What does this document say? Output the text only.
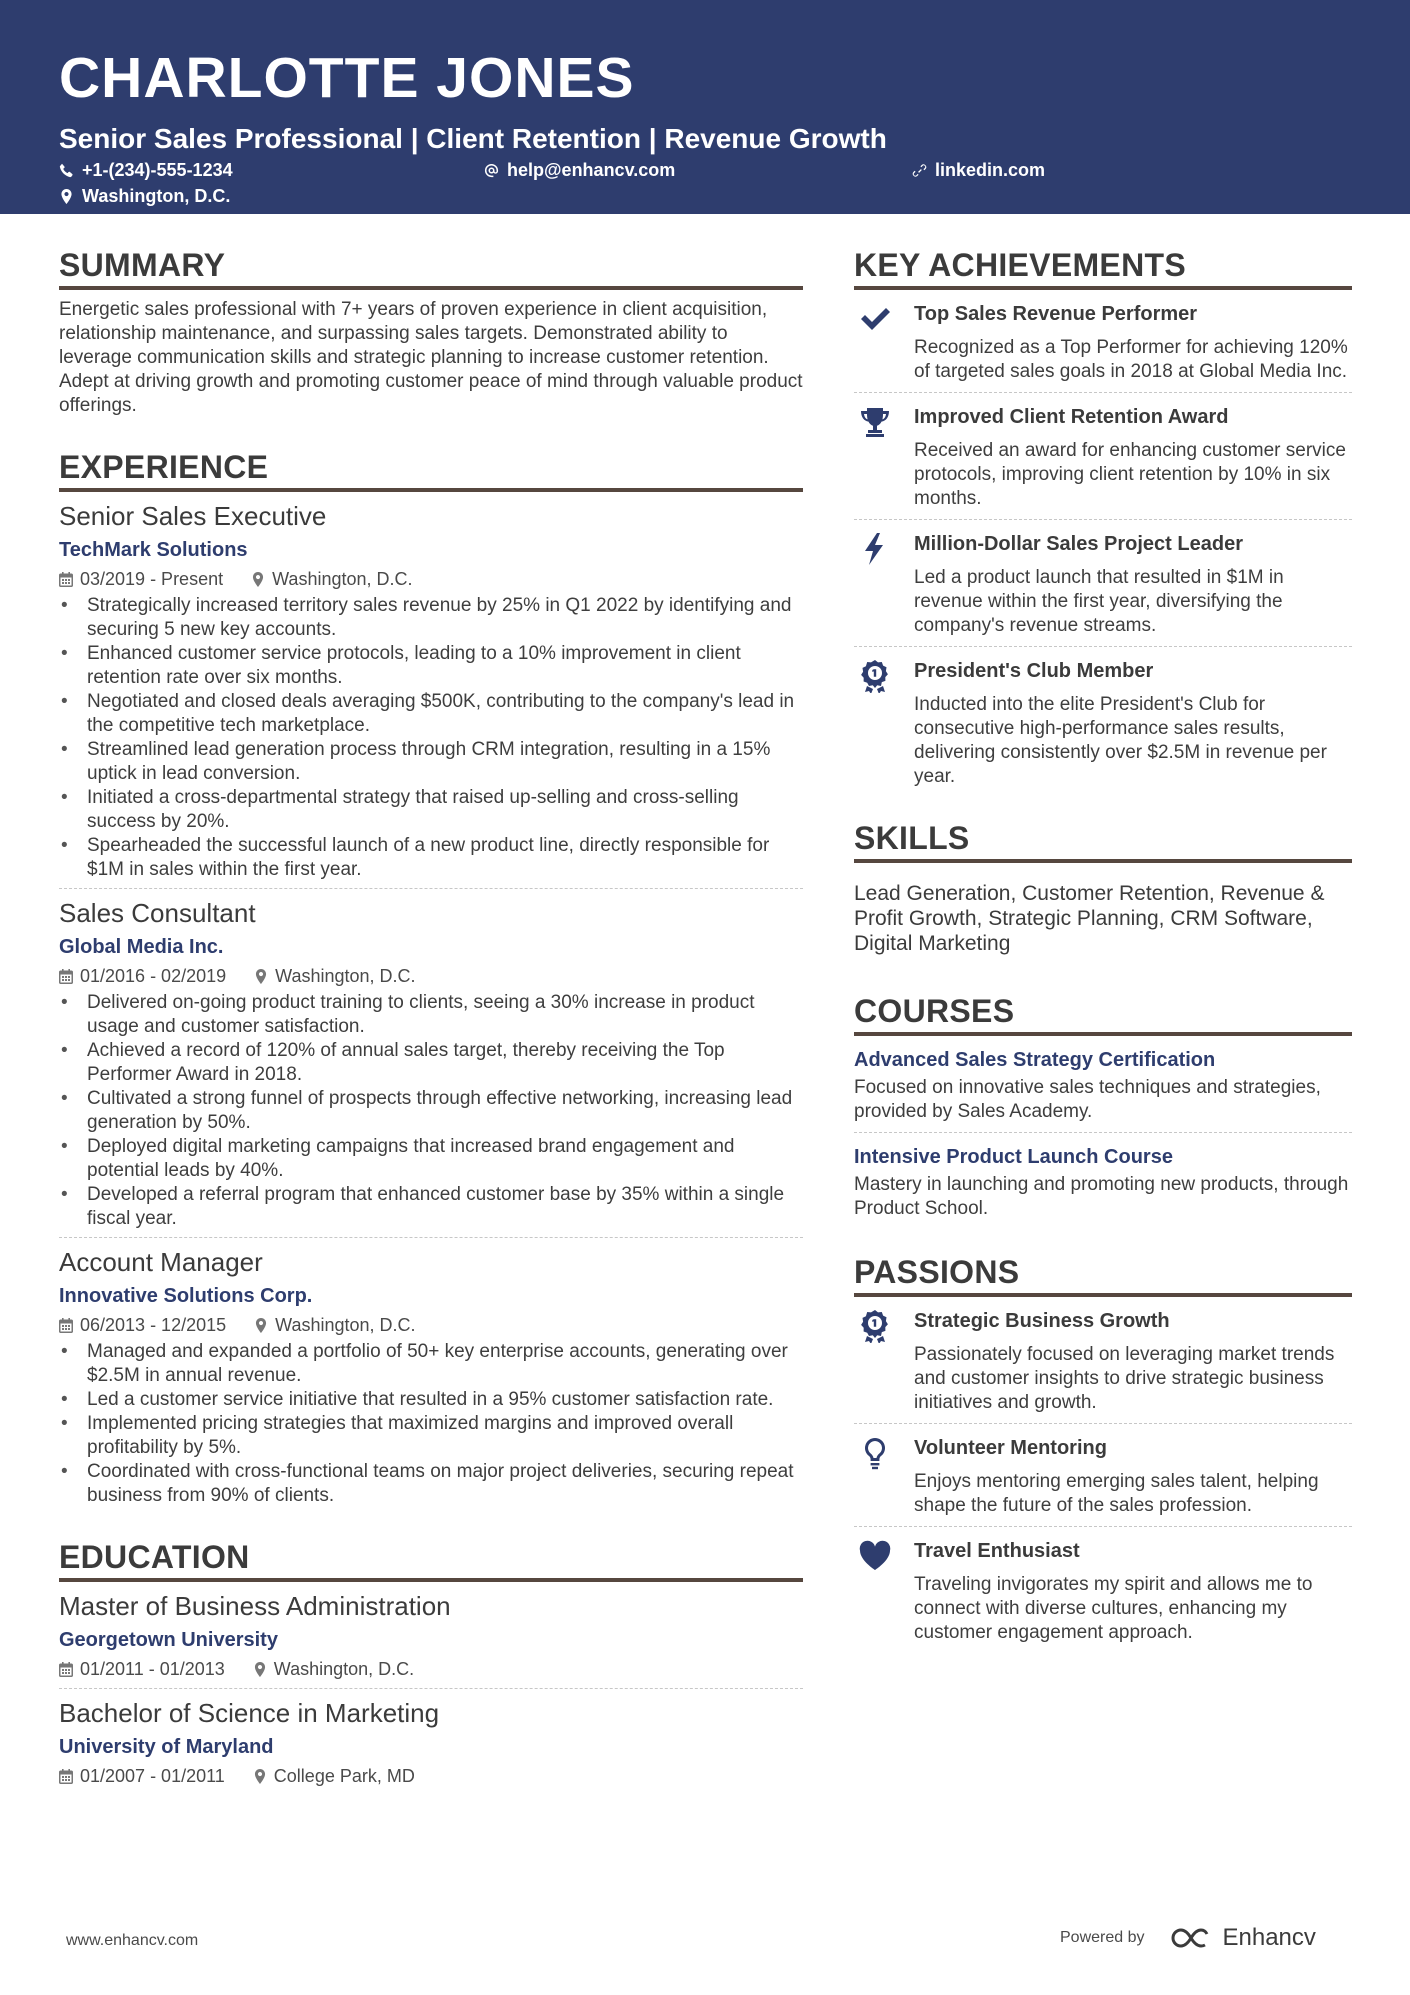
CHARLOTTE JONES
Senior Sales Professional | Client Retention | Revenue Growth
+1-(234)-555-1234	help@enhancv.com	linkedin.com
Washington, D.C.
SUMMARY
Energetic sales professional with 7+ years of proven experience in client acquisition, relationship maintenance, and surpassing sales targets. Demonstrated ability to leverage communication skills and strategic planning to increase customer retention. Adept at driving growth and promoting customer peace of mind through valuable product offerings.
EXPERIENCE
Senior Sales Executive
TechMark Solutions
03/2019 - Present	Washington, D.C.
• Strategically increased territory sales revenue by 25% in Q1 2022 by identifying and securing 5 new key accounts.
• Enhanced customer service protocols, leading to a 10% improvement in client retention rate over six months.
• Negotiated and closed deals averaging $500K, contributing to the company's lead in the competitive tech marketplace.
• Streamlined lead generation process through CRM integration, resulting in a 15% uptick in lead conversion.
• Initiated a cross-departmental strategy that raised up-selling and cross-selling success by 20%.
• Spearheaded the successful launch of a new product line, directly responsible for $1M in sales within the first year.
Sales Consultant
Global Media Inc.
01/2016 - 02/2019	Washington, D.C.
• Delivered on-going product training to clients, seeing a 30% increase in product usage and customer satisfaction.
• Achieved a record of 120% of annual sales target, thereby receiving the Top Performer Award in 2018.
• Cultivated a strong funnel of prospects through effective networking, increasing lead generation by 50%.
• Deployed digital marketing campaigns that increased brand engagement and potential leads by 40%.
• Developed a referral program that enhanced customer base by 35% within a single fiscal year.
Account Manager
Innovative Solutions Corp.
06/2013 - 12/2015	Washington, D.C.
• Managed and expanded a portfolio of 50+ key enterprise accounts, generating over $2.5M in annual revenue.
• Led a customer service initiative that resulted in a 95% customer satisfaction rate.
• Implemented pricing strategies that maximized margins and improved overall profitability by 5%.
• Coordinated with cross-functional teams on major project deliveries, securing repeat business from 90% of clients.
EDUCATION
Master of Business Administration
Georgetown University
01/2011 - 01/2013	Washington, D.C.
Bachelor of Science in Marketing
University of Maryland
01/2007 - 01/2011	College Park, MD
KEY ACHIEVEMENTS
Top Sales Revenue Performer
Recognized as a Top Performer for achieving 120% of targeted sales goals in 2018 at Global Media Inc.
Improved Client Retention Award
Received an award for enhancing customer service protocols, improving client retention by 10% in six months.
Million-Dollar Sales Project Leader
Led a product launch that resulted in $1M in revenue within the first year, diversifying the company's revenue streams.
President's Club Member
Inducted into the elite President's Club for consecutive high-performance sales results, delivering consistently over $2.5M in revenue per year.
SKILLS
Lead Generation, Customer Retention, Revenue & Profit Growth, Strategic Planning, CRM Software, Digital Marketing
COURSES
Advanced Sales Strategy Certification
Focused on innovative sales techniques and strategies, provided by Sales Academy.
Intensive Product Launch Course
Mastery in launching and promoting new products, through Product School.
PASSIONS
Strategic Business Growth
Passionately focused on leveraging market trends and customer insights to drive strategic business initiatives and growth.
Volunteer Mentoring
Enjoys mentoring emerging sales talent, helping shape the future of the sales profession.
Travel Enthusiast
Traveling invigorates my spirit and allows me to connect with diverse cultures, enhancing my customer engagement approach.
www.enhancv.com	Powered by	Enhancv
